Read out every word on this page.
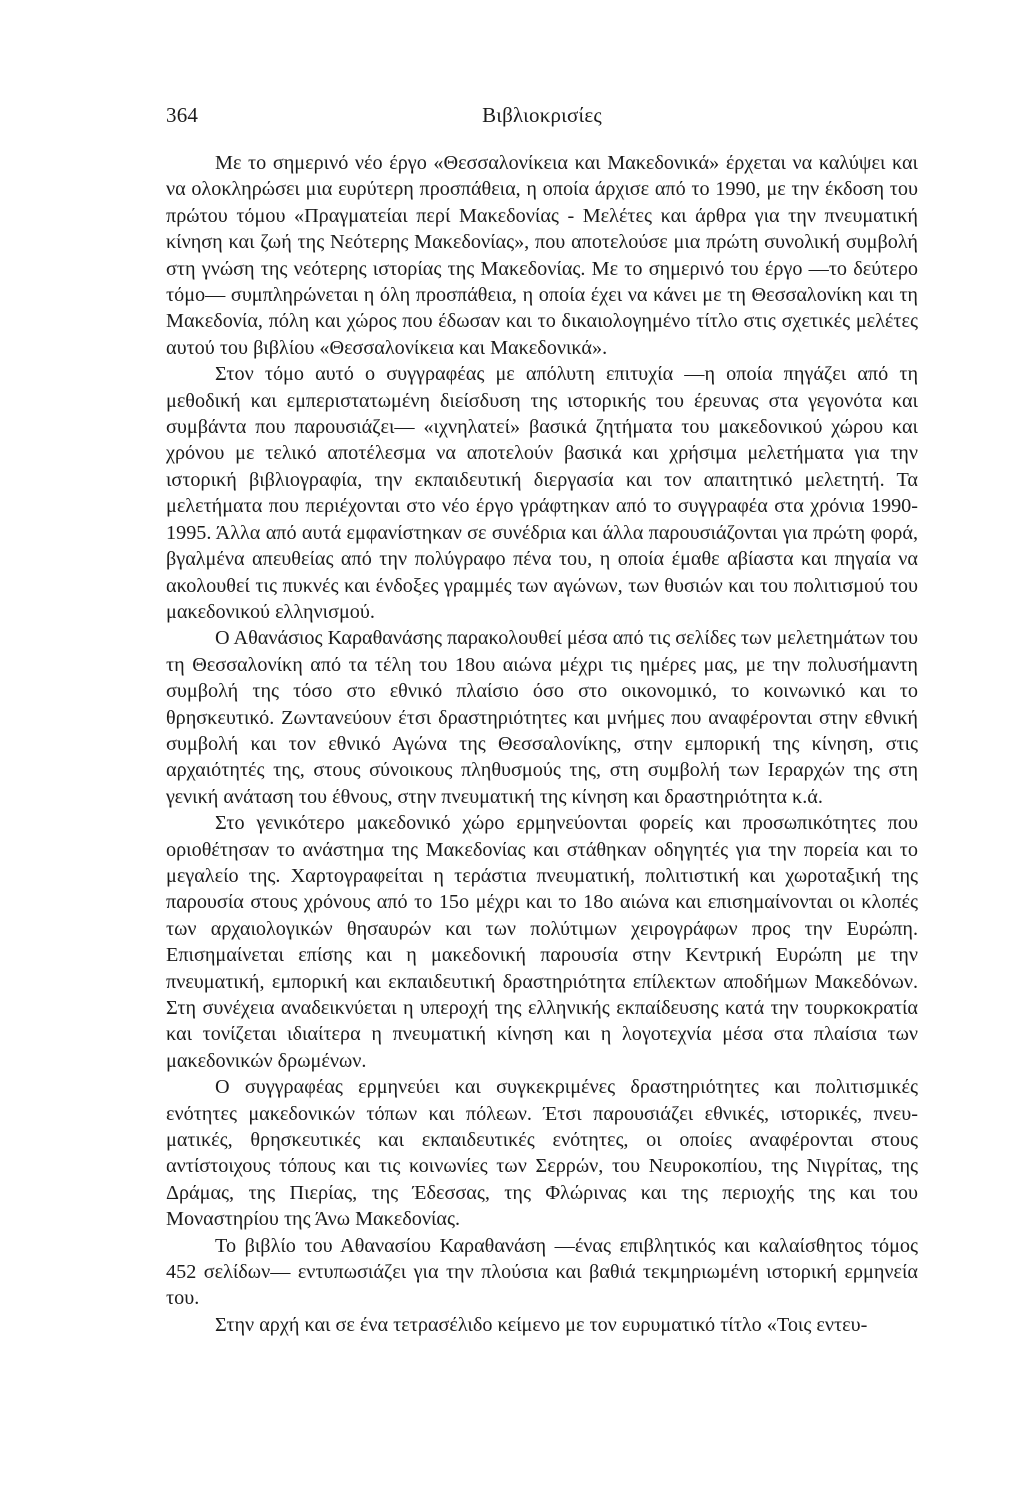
364	Βιβλιοκρισίες

Με το σημερινό νέο έργο «Θεσσαλονίκεια και Μακεδονικά» έρχεται να καλύψει και να ολοκληρώσει μια ευρύτερη προσπάθεια, η οποία άρχισε από το 1990, με την έκδοση του πρώτου τόμου «Πραγματείαι περί Μακεδονίας - Μελέτες και άρθρα για την πνευματική κίνηση και ζωή της Νεότερης Μακεδονίας», που αποτελούσε μια πρώτη συνολική συμβολή στη γνώση της νεότερης ιστορίας της Μακεδονίας. Με το σημερινό του έργο —το δεύτερο τόμο— συμπληρώνεται η όλη προσπάθεια, η οποία έχει να κάνει με τη Θεσσαλονίκη και τη Μακεδονία, πόλη και χώρος που έδωσαν και το δικαιολογημένο τίτλο στις σχετικές μελέτες αυτού του βιβλίου «Θεσσαλονίκεια και Μακεδονικά».

Στον τόμο αυτό ο συγγραφέας με απόλυτη επιτυχία —η οποία πηγάζει από τη μεθοδική και εμπεριστατωμένη διείσδυση της ιστορικής του έρευνας στα γεγονότα και συμβάντα που παρουσιάζει— «ιχνηλατεί» βασικά ζητήματα του μακεδονικού χώρου και χρόνου με τελικό αποτέλεσμα να αποτελούν βασικά και χρήσιμα μελετήματα για την ιστορική βιβλιογραφία, την εκπαιδευτική διεργασία και τον απαιτητικό μελετητή. Τα μελετήματα που περιέχονται στο νέο έργο γράφτηκαν από το συγγραφέα στα χρόνια 1990-1995. Άλλα από αυτά εμφανίστηκαν σε συνέδρια και άλλα παρουσιάζονται για πρώτη φορά, βγαλμένα απευθείας από την πολύγραφο πένα του, η οποία έμαθε αβίαστα και πηγαία να ακολουθεί τις πυκνές και ένδοξες γραμμές των αγώνων, των θυσιών και του πολιτισμού του μακεδονικού ελληνισμού.

Ο Αθανάσιος Καραθανάσης παρακολουθεί μέσα από τις σελίδες των μελετημάτων του τη Θεσσαλονίκη από τα τέλη του 18ου αιώνα μέχρι τις ημέρες μας, με την πολυσήμαντη συμβολή της τόσο στο εθνικό πλαίσιο όσο στο οικονομικό, το κοινωνικό και το θρησκευτικό. Ζωντανεύουν έτσι δραστηριότητες και μνήμες που αναφέρονται στην εθνική συμβολή και τον εθνικό Αγώνα της Θεσσαλονίκης, στην εμπορική της κίνηση, στις αρχαιότητές της, στους σύνοικους πληθυσμούς της, στη συμβολή των Ιεραρχών της στη γενική ανάταση του έθνους, στην πνευματική της κίνηση και δραστηριότητα κ.ά.

Στο γενικότερο μακεδονικό χώρο ερμηνεύονται φορείς και προσωπικότητες που οριοθέτησαν το ανάστημα της Μακεδονίας και στάθηκαν οδηγητές για την πορεία και το μεγαλείο της. Χαρτογραφείται η τεράστια πνευματική, πολιτιστική και χωροταξική της παρουσία στους χρόνους από το 15ο μέχρι και το 18ο αιώνα και επισημαίνονται οι κλοπές των αρχαιολογικών θησαυρών και των πολύτιμων χειρογράφων προς την Ευρώπη. Επισημαίνεται επίσης και η μακεδονική παρουσία στην Κεντρική Ευρώπη με την πνευματική, εμπορική και εκπαιδευτική δραστηριότητα επίλεκτων αποδήμων Μακεδόνων. Στη συνέχεια αναδεικνύεται η υπεροχή της ελληνικής εκπαίδευσης κατά την τουρκοκρατία και τονίζεται ιδιαίτερα η πνευματική κίνηση και η λογοτεχνία μέσα στα πλαίσια των μακεδονικών δρωμένων.

Ο συγγραφέας ερμηνεύει και συγκεκριμένες δραστηριότητες και πολιτισμικές ενότητες μακεδονικών τόπων και πόλεων. Έτσι παρουσιάζει εθνικές, ιστορικές, πνευματικές, θρησκευτικές και εκπαιδευτικές ενότητες, οι οποίες αναφέρονται στους αντίστοιχους τόπους και τις κοινωνίες των Σερρών, του Νευροκοπίου, της Νιγρίτας, της Δράμας, της Πιερίας, της Έδεσσας, της Φλώρινας και της περιοχής της και του Μοναστηρίου της Άνω Μακεδονίας.

Το βιβλίο του Αθανασίου Καραθανάση —ένας επιβλητικός και καλαίσθητος τόμος 452 σελίδων— εντυπωσιάζει για την πλούσια και βαθιά τεκμηριωμένη ιστορική ερμηνεία του.

Στην αρχή και σε ένα τετρασέλιδο κείμενο με τον ευρυματικό τίτλο «Τοις εντευ-
